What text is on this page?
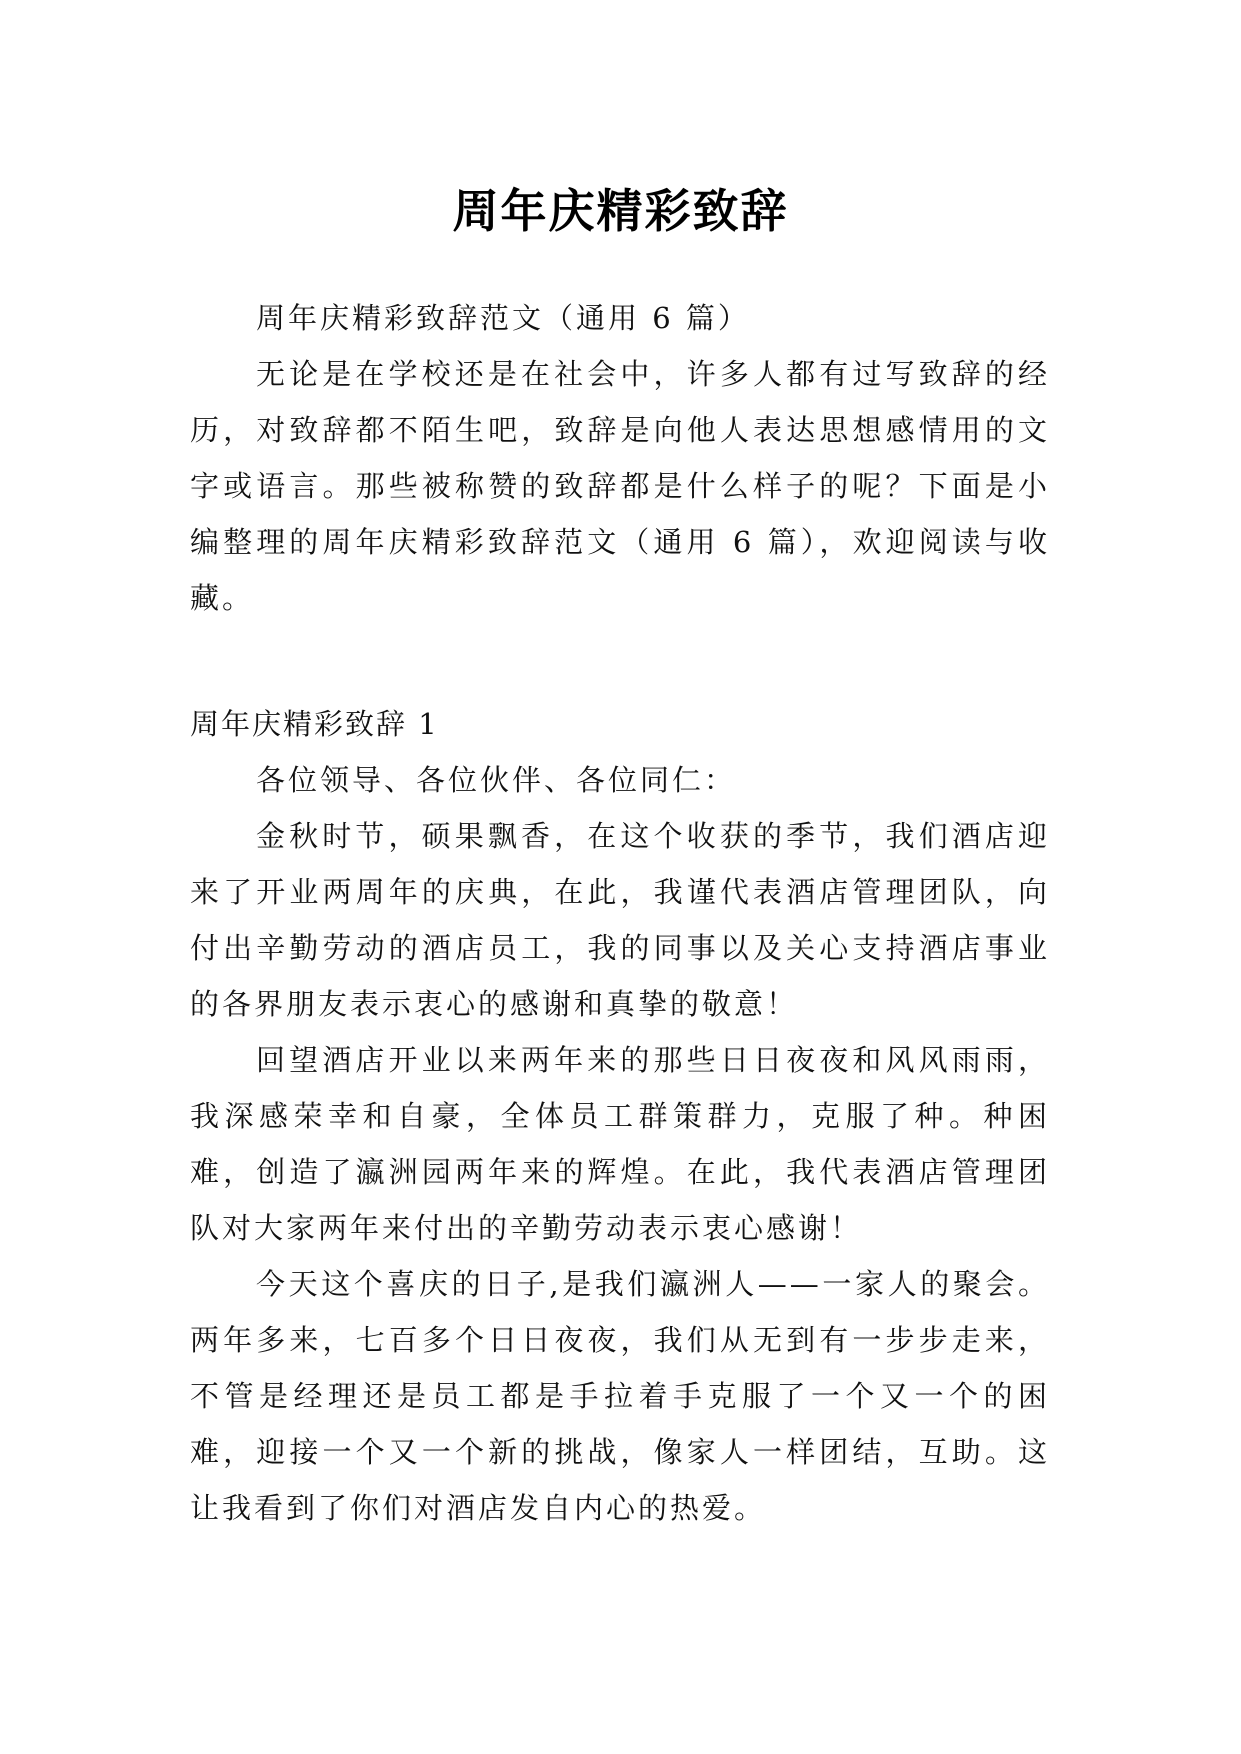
周年庆精彩致辞

周年庆精彩致辞范文（通用 6 篇）

无论是在学校还是在社会中，许多人都有过写致辞的经历，对致辞都不陌生吧，致辞是向他人表达思想感情用的文字或语言。那些被称赞的致辞都是什么样子的呢？下面是小编整理的周年庆精彩致辞范文（通用 6 篇），欢迎阅读与收藏。

周年庆精彩致辞 1

各位领导、各位伙伴、各位同仁：

金秋时节，硕果飘香，在这个收获的季节，我们酒店迎来了开业两周年的庆典，在此，我谨代表酒店管理团队，向付出辛勤劳动的酒店员工，我的同事以及关心支持酒店事业的各界朋友表示衷心的感谢和真挚的敬意！

回望酒店开业以来两年来的那些日日夜夜和风风雨雨，我深感荣幸和自豪，全体员工群策群力，克服了种。种困难，创造了瀛洲园两年来的辉煌。在此，我代表酒店管理团队对大家两年来付出的辛勤劳动表示衷心感谢！

今天这个喜庆的日子,是我们瀛洲人——一家人的聚会。两年多来，七百多个日日夜夜，我们从无到有一步步走来，不管是经理还是员工都是手拉着手克服了一个又一个的困难，迎接一个又一个新的挑战，像家人一样团结，互助。这让我看到了你们对酒店发自内心的热爱。
